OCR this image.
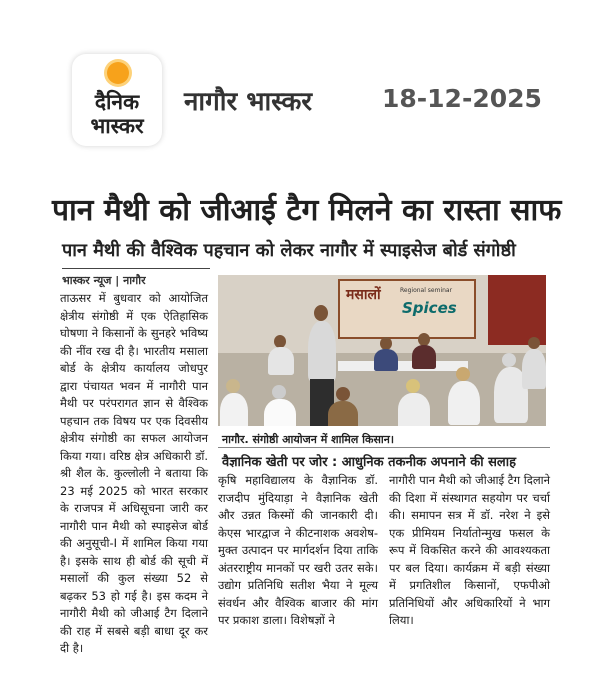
दैनिक
भास्कर
नागौर भास्कर	18-12-2025
पान मैथी को जीआई टैग मिलने का रास्ता साफ
पान मैथी की वैश्विक पहचान को लेकर नागौर में स्पाइसेज बोर्ड संगोष्ठी
भास्कर न्यूज | नागौर
ताऊसर में बुधवार को आयोजित क्षेत्रीय संगोष्ठी में एक ऐतिहासिक घोषणा ने किसानों के सुनहरे भविष्य की नींव रख दी है। भारतीय मसाला बोर्ड के क्षेत्रीय कार्यालय जोधपुर द्वारा पंचायत भवन में नागौरी पान मैथी पर परंपरागत ज्ञान से वैश्विक पहचान तक विषय पर एक दिवसीय क्षेत्रीय संगोष्ठी का सफल आयोजन किया गया। वरिष्ठ क्षेत्र अधिकारी डॉ. श्री शैल के. कुल्लोली ने बताया कि 23 मई 2025 को भारत सरकार के राजपत्र में अधिसूचना जारी कर नागौरी पान मैथी को स्पाइसेज बोर्ड की अनुसूची-I में शामिल किया गया है। इसके साथ ही बोर्ड की सूची में मसालों की कुल संख्या 52 से बढ़कर 53 हो गई है। इस कदम ने नागौरी मैथी को जीआई टैग दिलाने की राह में सबसे बड़ी बाधा दूर कर दी है।
मसालों	Regional seminar
Spices
नागौर. संगोष्ठी आयोजन में शामिल किसान।
वैज्ञानिक खेती पर जोर : आधुनिक तकनीक अपनाने की सलाह
कृषि महाविद्यालय के वैज्ञानिक डॉ. राजदीप मुंदियाड़ा ने वैज्ञानिक खेती और उन्नत किस्मों की जानकारी दी। केएस भारद्वाज ने कीटनाशक अवशेष-मुक्त उत्पादन पर मार्गदर्शन दिया ताकि अंतरराष्ट्रीय मानकों पर खरी उतर सके। उद्योग प्रतिनिधि सतीश भैया ने मूल्य संवर्धन और वैश्विक बाजार की मांग पर प्रकाश डाला। विशेषज्ञों ने
नागौरी पान मैथी को जीआई टैग दिलाने की दिशा में संस्थागत सहयोग पर चर्चा की। समापन सत्र में डॉ. नरेश ने इसे एक प्रीमियम निर्यातोन्मुख फसल के रूप में विकसित करने की आवश्यकता पर बल दिया। कार्यक्रम में बड़ी संख्या में प्रगतिशील किसानों, एफपीओ प्रतिनिधियों और अधिकारियों ने भाग लिया।
